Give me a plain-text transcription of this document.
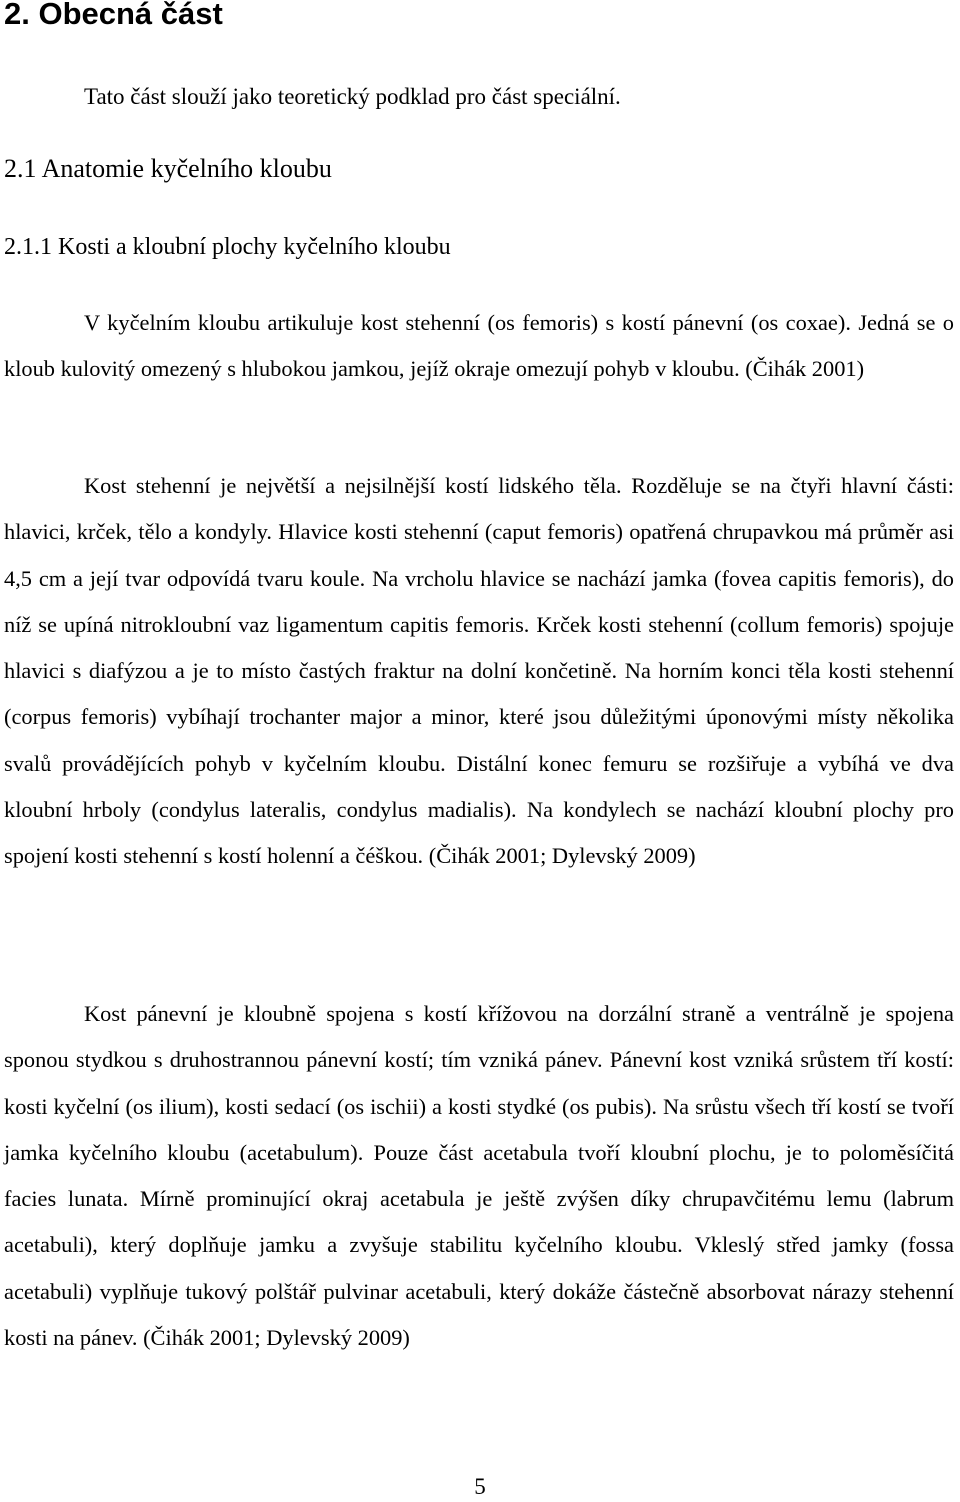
2. Obecná část

Tato část slouží jako teoretický podklad pro část speciální.

2.1 Anatomie kyčelního kloubu
2.1.1 Kosti a kloubní plochy kyčelního kloubu

V kyčelním kloubu artikuluje kost stehenní (os femoris) s kostí pánevní (os coxae). Jedná se o kloub kulovitý omezený s hlubokou jamkou, jejíž okraje omezují pohyb v kloubu. (Čihák 2001)

Kost stehenní je největší a nejsilnější kostí lidského těla. Rozděluje se na čtyři hlavní části: hlavici, krček, tělo a kondyly. Hlavice kosti stehenní (caput femoris) opatřená chrupavkou má průměr asi 4,5 cm a její tvar odpovídá tvaru koule. Na vrcholu hlavice se nachází jamka (fovea capitis femoris), do níž se upíná nitrokloubní vaz ligamentum capitis femoris. Krček kosti stehenní (collum femoris) spojuje hlavici s diafýzou a je to místo častých fraktur na dolní končetině. Na horním konci těla kosti stehenní (corpus femoris) vybíhají trochanter major a minor, které jsou důležitými úponovými místy několika svalů provádějících pohyb v kyčelním kloubu. Distální konec femuru se rozšiřuje a vybíhá ve dva kloubní hrboly (condylus lateralis, condylus madialis). Na kondylech se nachází kloubní plochy pro spojení kosti stehenní s kostí holenní a čéškou. (Čihák 2001; Dylevský 2009)

Kost pánevní je kloubně spojena s kostí křížovou na dorzální straně a ventrálně je spojena sponou stydkou s druhostrannou pánevní kostí; tím vzniká pánev. Pánevní kost vzniká srůstem tří kostí: kosti kyčelní (os ilium), kosti sedací (os ischii) a kosti stydké (os pubis). Na srůstu všech tří kostí se tvoří jamka kyčelního kloubu (acetabulum). Pouze část acetabula tvoří kloubní plochu, je to poloměsíčitá facies lunata. Mírně prominující okraj acetabula je ještě zvýšen díky chrupavčitému lemu (labrum acetabuli), který doplňuje jamku a zvyšuje stabilitu kyčelního kloubu. Vkleslý střed jamky (fossa acetabuli) vyplňuje tukový polštář pulvinar acetabuli, který dokáže částečně absorbovat nárazy stehenní kosti na pánev. (Čihák 2001; Dylevský 2009)

5
